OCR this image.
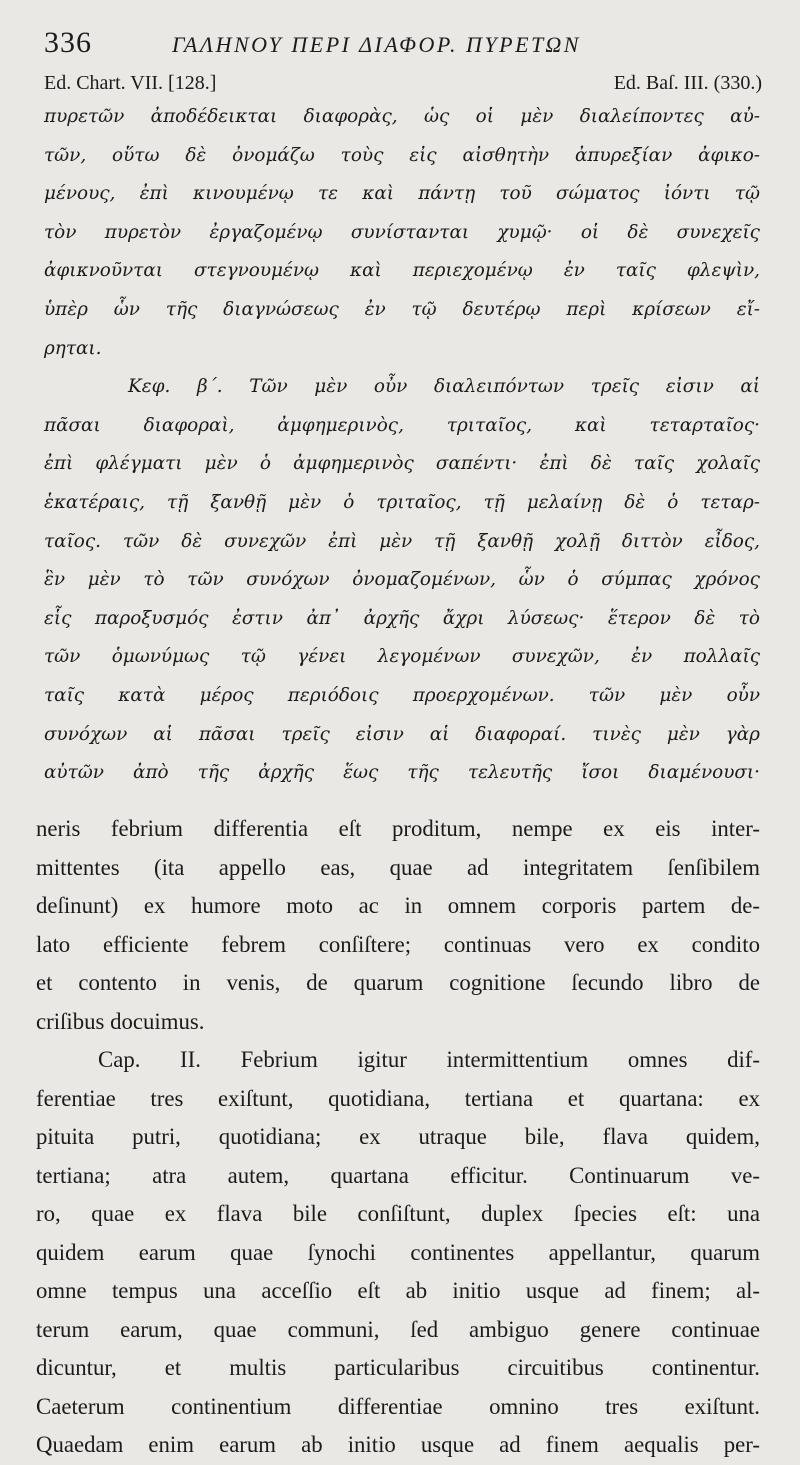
336	ΓΑΛΗΝΟΥ ΠΕΡΙ ΔΙΑΦΟΡ. ΠΥΡΕΤΩΝ
Ed. Chart. VII. [128.]	Ed. Baſ. III. (330.)
πυρετῶν ἀποδέδεικται διαφορὰς, ὡς οἱ μὲν διαλείποντες αὐ-
τῶν, οὕτω δὲ ὀνομάζω τοὺς εἰς αἰσθητὴν ἀπυρεξίαν ἀφικο-
μένους, ἐπὶ κινουμένῳ τε καὶ πάντῃ τοῦ σώματος ἰόντι τῷ
τὸν πυρετὸν ἐργαζομένῳ συνίστανται χυμῷ· οἱ δὲ συνεχεῖς
ἀφικνοῦνται στεγνουμένῳ καὶ περιεχομένῳ ἐν ταῖς φλεψὶν,
ὑπὲρ ὧν τῆς διαγνώσεως ἐν τῷ δευτέρῳ περὶ κρίσεων εἴ-
ρηται.
Κεφ. β΄. Τῶν μὲν οὖν διαλειπόντων τρεῖς εἰσιν αἱ
πᾶσαι διαφοραὶ, ἀμφημερινὸς, τριταῖος, καὶ τεταρταῖος·
ἐπὶ φλέγματι μὲν ὁ ἀμφημερινὸς σαπέντι· ἐπὶ δὲ ταῖς χολαῖς
ἑκατέραις, τῇ ξανθῇ μὲν ὁ τριταῖος, τῇ μελαίνῃ δὲ ὁ τεταρ-
ταῖος. τῶν δὲ συνεχῶν ἐπὶ μὲν τῇ ξανθῇ χολῇ διττὸν εἶδος,
ἓν μὲν τὸ τῶν συνόχων ὀνομαζομένων, ὧν ὁ σύμπας χρόνος
εἷς παροξυσμός ἐστιν ἀπ᾽ ἀρχῆς ἄχρι λύσεως· ἕτερον δὲ τὸ
τῶν ὁμωνύμως τῷ γένει λεγομένων συνεχῶν, ἐν πολλαῖς
ταῖς κατὰ μέρος περιόδοις προερχομένων. τῶν μὲν οὖν
συνόχων αἱ πᾶσαι τρεῖς εἰσιν αἱ διαφοραί. τινὲς μὲν γὰρ
αὐτῶν ἀπὸ τῆς ἀρχῆς ἕως τῆς τελευτῆς ἴσοι διαμένουσι·
neris febrium differentia eſt proditum, nempe ex eis inter-
mittentes (ita appello eas, quae ad integritatem ſenſibilem
deſinunt) ex humore moto ac in omnem corporis partem de-
lato efficiente febrem conſiſtere; continuas vero ex condito
et contento in venis, de quarum cognitione ſecundo libro de
criſibus docuimus.
Cap. II. Febrium igitur intermittentium omnes dif-
ferentiae tres exiſtunt, quotidiana, tertiana et quartana: ex
pituita putri, quotidiana; ex utraque bile, flava quidem,
tertiana; atra autem, quartana efficitur. Continuarum ve-
ro, quae ex flava bile conſiſtunt, duplex ſpecies eſt: una
quidem earum quae ſynochi continentes appellantur, quarum
omne tempus una acceſſio eſt ab initio usque ad finem; al-
terum earum, quae communi, ſed ambiguo genere continuae
dicuntur, et multis particularibus circuitibus continentur.
Caeterum continentium differentiae omnino tres exiſtunt.
Quaedam enim earum ab initio usque ad finem aequalis per-
